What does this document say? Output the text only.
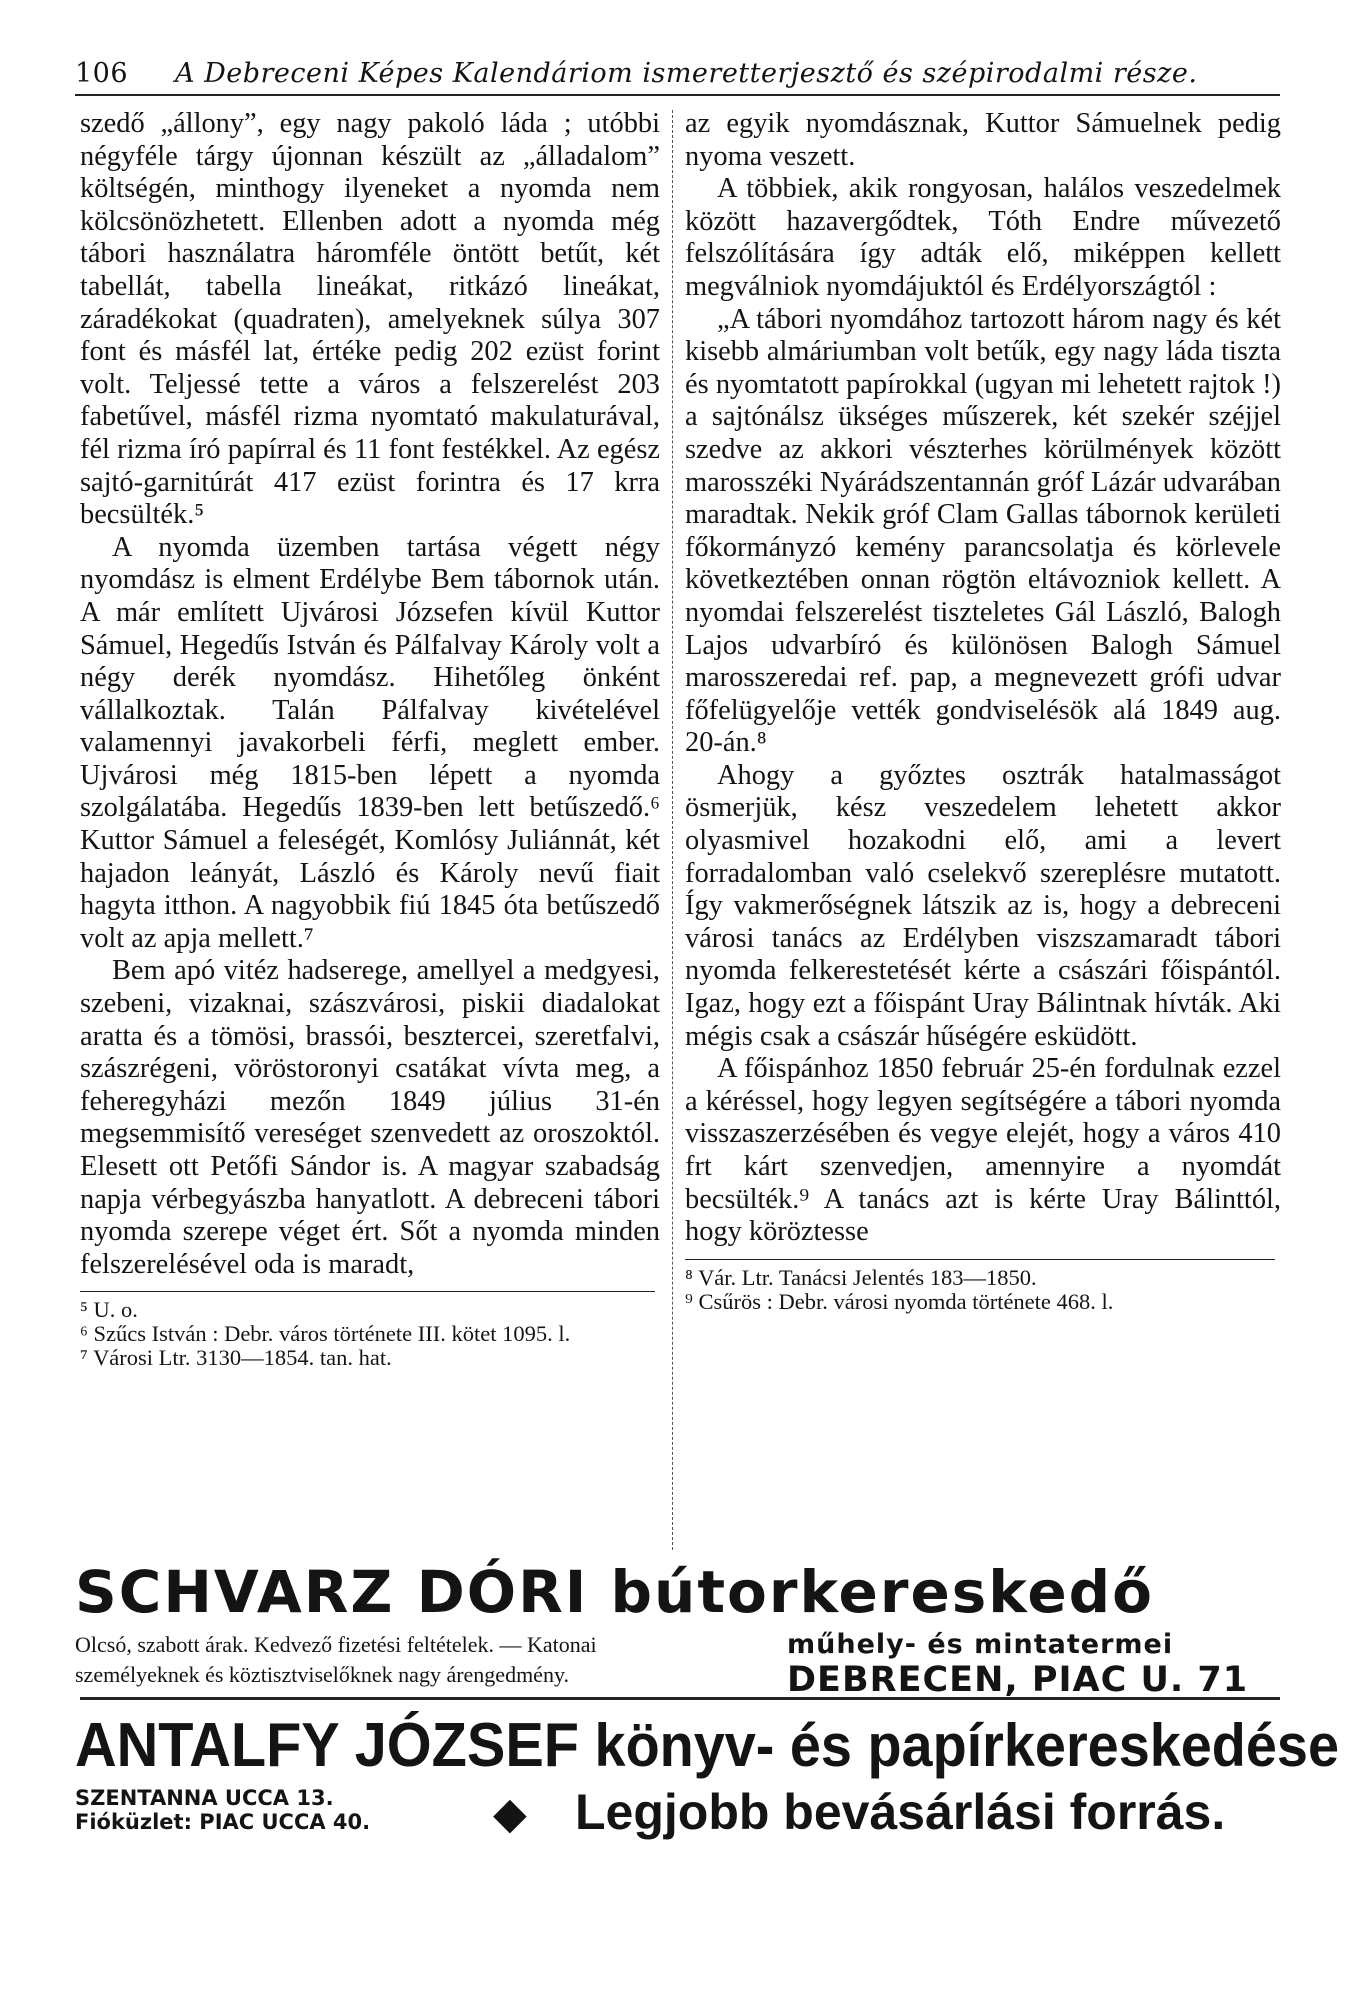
106 A Debreceni Képes Kalendáriom ismeretterjesztő és szépirodalmi része.

szedő „állony”, egy nagy pakoló láda ; utóbbi négyféle tárgy újonnan készült az „álladalom” költségén, minthogy ilyeneket a nyomda nem kölcsönözhetett. Ellenben adott a nyomda még tábori használatra háromféle öntött betűt, két tabellát, tabella lineákat, ritkázó lineákat, záradékokat (quadraten), amelyeknek súlya 307 font és másfél lat, értéke pedig 202 ezüst forint volt. Teljessé tette a város a felszerelést 203 fabetűvel, másfél rizma nyomtató makulaturával, fél rizma író papírral és 11 font festékkel. Az egész sajtó-garnitúrát 417 ezüst forintra és 17 krra becsülték.⁵

A nyomda üzemben tartása végett négy nyomdász is elment Erdélybe Bem tábornok után. A már említett Ujvárosi Józsefen kívül Kuttor Sámuel, Hegedűs István és Pálfalvay Károly volt a négy derék nyomdász. Hihetőleg önként vállalkoztak. Talán Pálfalvay kivételével valamennyi javakorbeli férfi, meglett ember. Ujvárosi még 1815-ben lépett a nyomda szolgálatába. Hegedűs 1839-ben lett betűszedő.⁶ Kuttor Sámuel a feleségét, Komlósy Juliánnát, két hajadon leányát, László és Károly nevű fiait hagyta itthon. A nagyobbik fiú 1845 óta betűszedő volt az apja mellett.⁷

Bem apó vitéz hadserege, amellyel a medgyesi, szebeni, vizaknai, szászvárosi, piskii diadalokat aratta és a tömösi, brassói, besztercei, szeretfalvi, szászrégeni, vöröstoronyi csatákat vívta meg, a feheregyházi mezőn 1849 július 31-én megsemmisítő vereséget szenvedett az oroszoktól. Elesett ott Petőfi Sándor is. A magyar szabadság napja vérbegyászba hanyatlott. A debreceni tábori nyomda szerepe véget ért. Sőt a nyomda minden felszerelésével oda is maradt,

⁵ U. o.

⁶ Szűcs István : Debr. város története III. kötet 1095. l.

⁷ Városi Ltr. 3130—1854. tan. hat.

az egyik nyomdásznak, Kuttor Sámuelnek pedig nyoma veszett.

A többiek, akik rongyosan, halálos veszedelmek között hazavergődtek, Tóth Endre művezető felszólítására így adták elő, miképpen kellett megválniok nyomdájuktól és Erdélyországtól :

„A tábori nyomdához tartozott három nagy és két kisebb almáriumban volt betűk, egy nagy láda tiszta és nyomtatott papírokkal (ugyan mi lehetett rajtok !) a sajtónálsz ükséges műszerek, két szekér széjjel szedve az akkori vészterhes körülmények között marosszéki Nyárádszentannán gróf Lázár udvarában maradtak. Nekik gróf Clam Gallas tábornok kerületi főkormányzó kemény parancsolatja és körlevele következtében onnan rögtön eltávozniok kellett. A nyomdai felszerelést tiszteletes Gál László, Balogh Lajos udvarbíró és különösen Balogh Sámuel marosszeredai ref. pap, a megnevezett grófi udvar főfelügyelője vették gondviselésök alá 1849 aug. 20-án.⁸

Ahogy a győztes osztrák hatalmasságot ösmerjük, kész veszedelem lehetett akkor olyasmivel hozakodni elő, ami a levert forradalomban való cselekvő szereplésre mutatott. Így vakmerőségnek látszik az is, hogy a debreceni városi tanács az Erdélyben viszszamaradt tábori nyomda felkerestetését kérte a császári főispántól. Igaz, hogy ezt a főispánt Uray Bálintnak hívták. Aki mégis csak a császár hűségére esküdött.

A főispánhoz 1850 február 25-én fordulnak ezzel a kéréssel, hogy legyen segítségére a tábori nyomda visszaszerzésében és vegye elejét, hogy a város 410 frt kárt szenvedjen, amennyire a nyomdát becsülték.⁹ A tanács azt is kérte Uray Bálinttól, hogy köröztesse

⁸ Vár. Ltr. Tanácsi Jelentés 183—1850.

⁹ Csűrös : Debr. városi nyomda története 468. l.

SCHVARZ DÓRI bútorkereskedő
Olcsó, szabott árak. Kedvező fizetési feltételek. — Katonai
személyeknek és köztisztviselőknek nagy árengedmény.
műhely- és mintatermei
DEBRECEN, PIAC U. 71
ANTALFY JÓZSEF könyv- és papírkereskedése
SZENTANNA UCCA 13.
Fióküzlet: PIAC UCCA 40.	◆ Legjobb bevásárlási forrás.
